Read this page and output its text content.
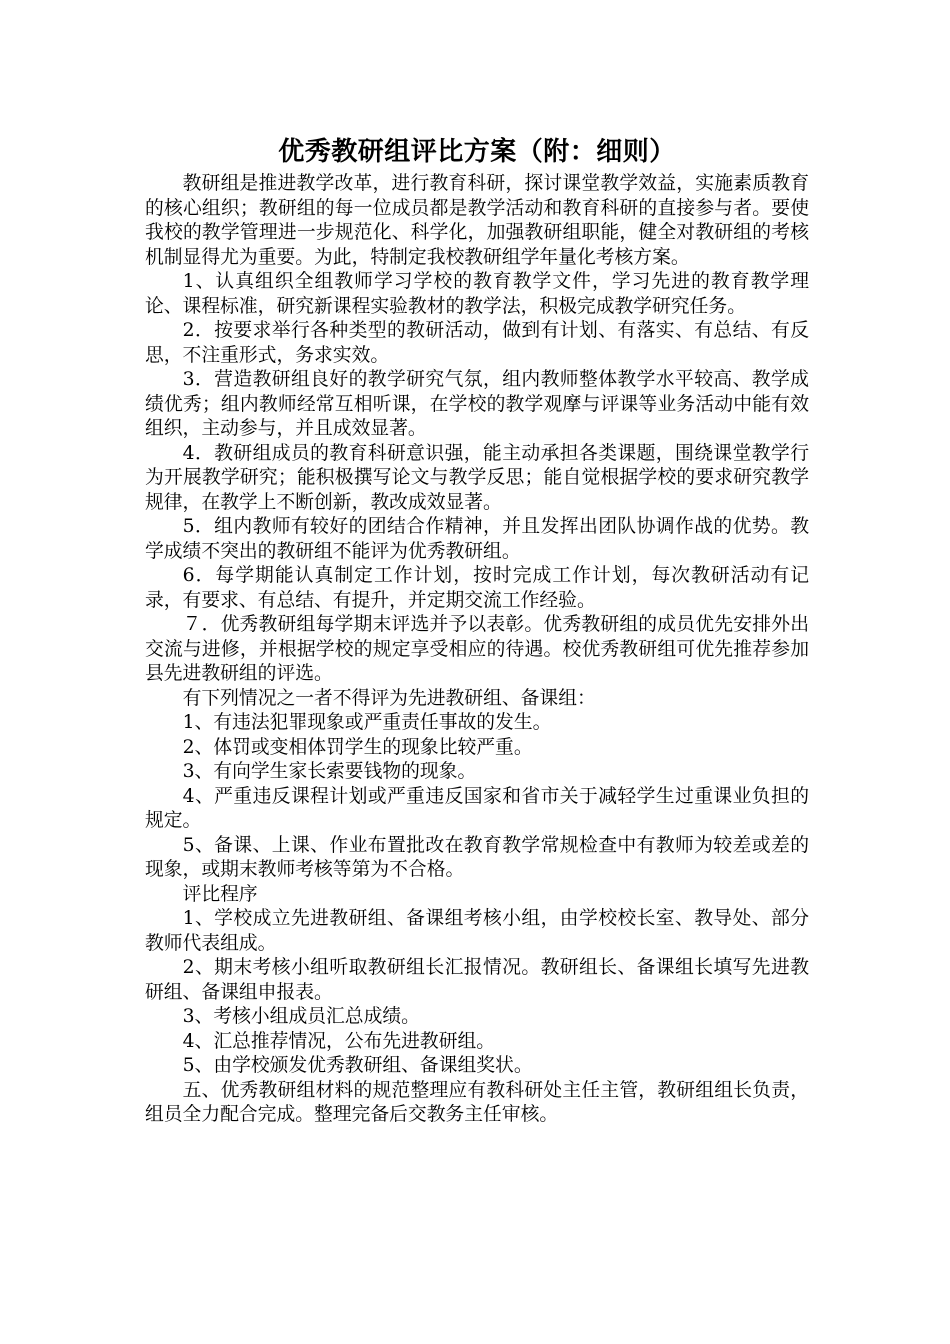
优秀教研组评比方案（附：细则）

教研组是推进教学改革，进行教育科研，探讨课堂教学效益，实施素质教育的核心组织；教研组的每一位成员都是教学活动和教育科研的直接参与者。要使我校的教学管理进一步规范化、科学化，加强教研组职能，健全对教研组的考核机制显得尤为重要。为此，特制定我校教研组学年量化考核方案。

1、认真组织全组教师学习学校的教育教学文件，学习先进的教育教学理论、课程标准，研究新课程实验教材的教学法，积极完成教学研究任务。

2．按要求举行各种类型的教研活动，做到有计划、有落实、有总结、有反思，不注重形式，务求实效。

3．营造教研组良好的教学研究气氛，组内教师整体教学水平较高、教学成绩优秀；组内教师经常互相听课，在学校的教学观摩与评课等业务活动中能有效组织，主动参与，并且成效显著。

4．教研组成员的教育科研意识强，能主动承担各类课题，围绕课堂教学行为开展教学研究；能积极撰写论文与教学反思；能自觉根据学校的要求研究教学规律，在教学上不断创新，教改成效显著。

5．组内教师有较好的团结合作精神，并且发挥出团队协调作战的优势。教学成绩不突出的教研组不能评为优秀教研组。

6．每学期能认真制定工作计划，按时完成工作计划，每次教研活动有记录，有要求、有总结、有提升，并定期交流工作经验。

７．优秀教研组每学期末评选并予以表彰。优秀教研组的成员优先安排外出交流与进修，并根据学校的规定享受相应的待遇。校优秀教研组可优先推荐参加县先进教研组的评选。

有下列情况之一者不得评为先进教研组、备课组：

1、有违法犯罪现象或严重责任事故的发生。

2、体罚或变相体罚学生的现象比较严重。

3、有向学生家长索要钱物的现象。

4、严重违反课程计划或严重违反国家和省市关于减轻学生过重课业负担的规定。

5、备课、上课、作业布置批改在教育教学常规检查中有教师为较差或差的现象，或期末教师考核等第为不合格。

评比程序

1、学校成立先进教研组、备课组考核小组，由学校校长室、教导处、部分教师代表组成。

2、期末考核小组听取教研组长汇报情况。教研组长、备课组长填写先进教研组、备课组申报表。

3、考核小组成员汇总成绩。

4、汇总推荐情况，公布先进教研组。

5、由学校颁发优秀教研组、备课组奖状。

五、优秀教研组材料的规范整理应有教科研处主任主管，教研组组长负责，组员全力配合完成。整理完备后交教务主任审核。
